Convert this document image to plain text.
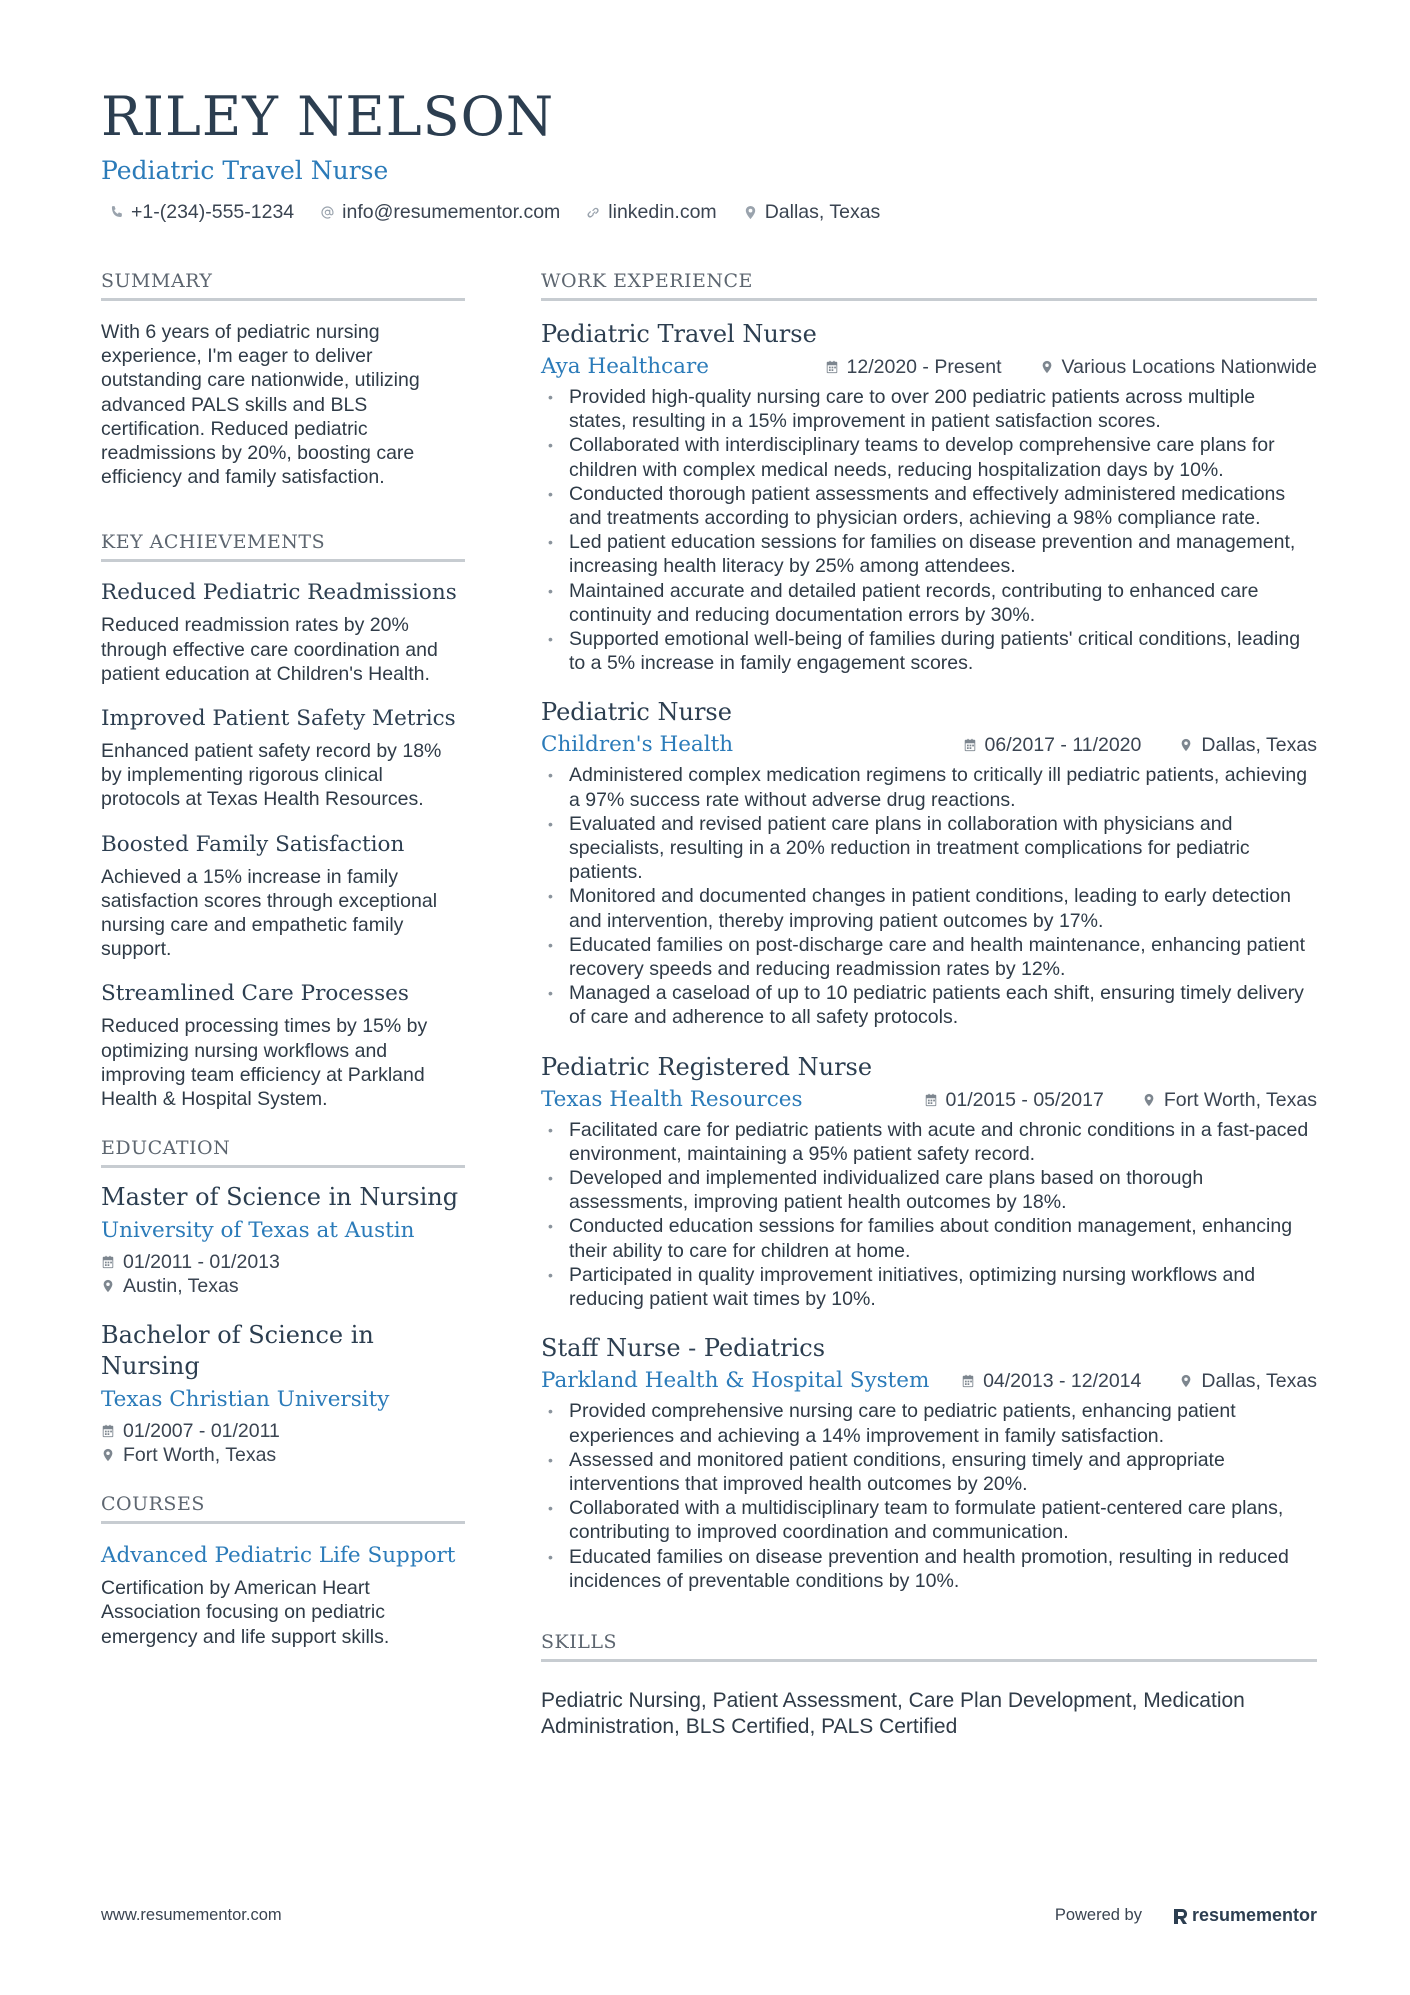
RILEY NELSON
Pediatric Travel Nurse
+1-(234)-555-1234 info@resumementor.com linkedin.com Dallas, Texas
SUMMARY
With 6 years of pediatric nursing experience, I'm eager to deliver outstanding care nationwide, utilizing advanced PALS skills and BLS certification. Reduced pediatric readmissions by 20%, boosting care efficiency and family satisfaction.
KEY ACHIEVEMENTS
Reduced Pediatric Readmissions
Reduced readmission rates by 20% through effective care coordination and patient education at Children's Health.
Improved Patient Safety Metrics
Enhanced patient safety record by 18% by implementing rigorous clinical protocols at Texas Health Resources.
Boosted Family Satisfaction
Achieved a 15% increase in family satisfaction scores through exceptional nursing care and empathetic family support.
Streamlined Care Processes
Reduced processing times by 15% by optimizing nursing workflows and improving team efficiency at Parkland Health & Hospital System.
EDUCATION
Master of Science in Nursing
University of Texas at Austin
01/2011 - 01/2013
Austin, Texas
Bachelor of Science in Nursing
Texas Christian University
01/2007 - 01/2011
Fort Worth, Texas
COURSES
Advanced Pediatric Life Support
Certification by American Heart Association focusing on pediatric emergency and life support skills.
WORK EXPERIENCE
Pediatric Travel Nurse
Aya Healthcare	12/2020 - Present	Various Locations Nationwide
• Provided high-quality nursing care to over 200 pediatric patients across multiple states, resulting in a 15% improvement in patient satisfaction scores.
• Collaborated with interdisciplinary teams to develop comprehensive care plans for children with complex medical needs, reducing hospitalization days by 10%.
• Conducted thorough patient assessments and effectively administered medications and treatments according to physician orders, achieving a 98% compliance rate.
• Led patient education sessions for families on disease prevention and management, increasing health literacy by 25% among attendees.
• Maintained accurate and detailed patient records, contributing to enhanced care continuity and reducing documentation errors by 30%.
• Supported emotional well-being of families during patients' critical conditions, leading to a 5% increase in family engagement scores.
Pediatric Nurse
Children's Health	06/2017 - 11/2020	Dallas, Texas
• Administered complex medication regimens to critically ill pediatric patients, achieving a 97% success rate without adverse drug reactions.
• Evaluated and revised patient care plans in collaboration with physicians and specialists, resulting in a 20% reduction in treatment complications for pediatric patients.
• Monitored and documented changes in patient conditions, leading to early detection and intervention, thereby improving patient outcomes by 17%.
• Educated families on post-discharge care and health maintenance, enhancing patient recovery speeds and reducing readmission rates by 12%.
• Managed a caseload of up to 10 pediatric patients each shift, ensuring timely delivery of care and adherence to all safety protocols.
Pediatric Registered Nurse
Texas Health Resources	01/2015 - 05/2017	Fort Worth, Texas
• Facilitated care for pediatric patients with acute and chronic conditions in a fast-paced environment, maintaining a 95% patient safety record.
• Developed and implemented individualized care plans based on thorough assessments, improving patient health outcomes by 18%.
• Conducted education sessions for families about condition management, enhancing their ability to care for children at home.
• Participated in quality improvement initiatives, optimizing nursing workflows and reducing patient wait times by 10%.
Staff Nurse - Pediatrics
Parkland Health & Hospital System	04/2013 - 12/2014	Dallas, Texas
• Provided comprehensive nursing care to pediatric patients, enhancing patient experiences and achieving a 14% improvement in family satisfaction.
• Assessed and monitored patient conditions, ensuring timely and appropriate interventions that improved health outcomes by 20%.
• Collaborated with a multidisciplinary team to formulate patient-centered care plans, contributing to improved coordination and communication.
• Educated families on disease prevention and health promotion, resulting in reduced incidences of preventable conditions by 10%.
SKILLS
Pediatric Nursing, Patient Assessment, Care Plan Development, Medication Administration, BLS Certified, PALS Certified
www.resumementor.com	Powered by	resumementor
